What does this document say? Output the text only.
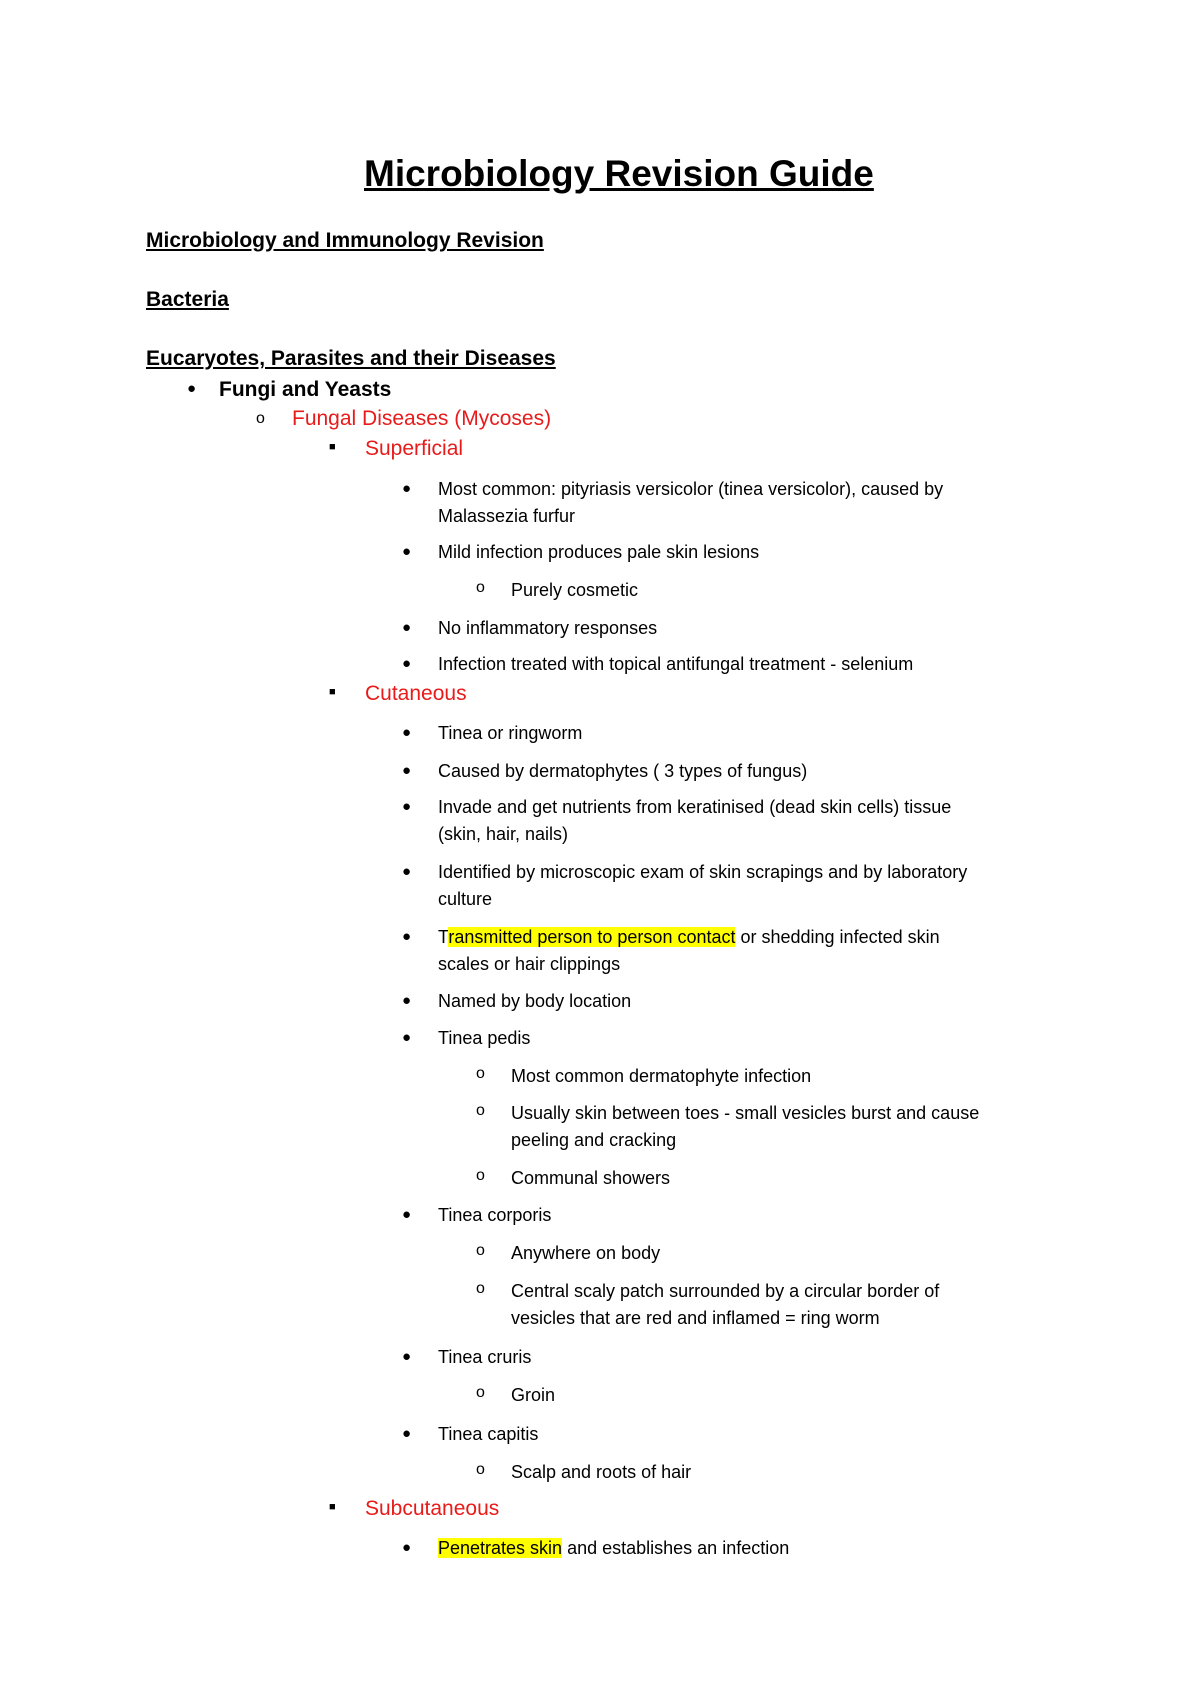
Microbiology Revision Guide
Microbiology and Immunology Revision
Bacteria
Eucaryotes, Parasites and their Diseases
● Fungi and Yeasts
o Fungal Diseases (Mycoses)
■ Superficial
● Most common: pityriasis versicolor (tinea versicolor), caused by
Malassezia furfur
● Mild infection produces pale skin lesions
o Purely cosmetic
● No inflammatory responses
● Infection treated with topical antifungal treatment - selenium
■ Cutaneous
● Tinea or ringworm
● Caused by dermatophytes ( 3 types of fungus)
● Invade and get nutrients from keratinised (dead skin cells) tissue
(skin, hair, nails)
● Identified by microscopic exam of skin scrapings and by laboratory
culture
● Transmitted person to person contact or shedding infected skin
scales or hair clippings
● Named by body location
● Tinea pedis
o Most common dermatophyte infection
o Usually skin between toes - small vesicles burst and cause
peeling and cracking
o Communal showers
● Tinea corporis
o Anywhere on body
o Central scaly patch surrounded by a circular border of
vesicles that are red and inflamed = ring worm
● Tinea cruris
o Groin
● Tinea capitis
o Scalp and roots of hair
■ Subcutaneous
● Penetrates skin and establishes an infection
